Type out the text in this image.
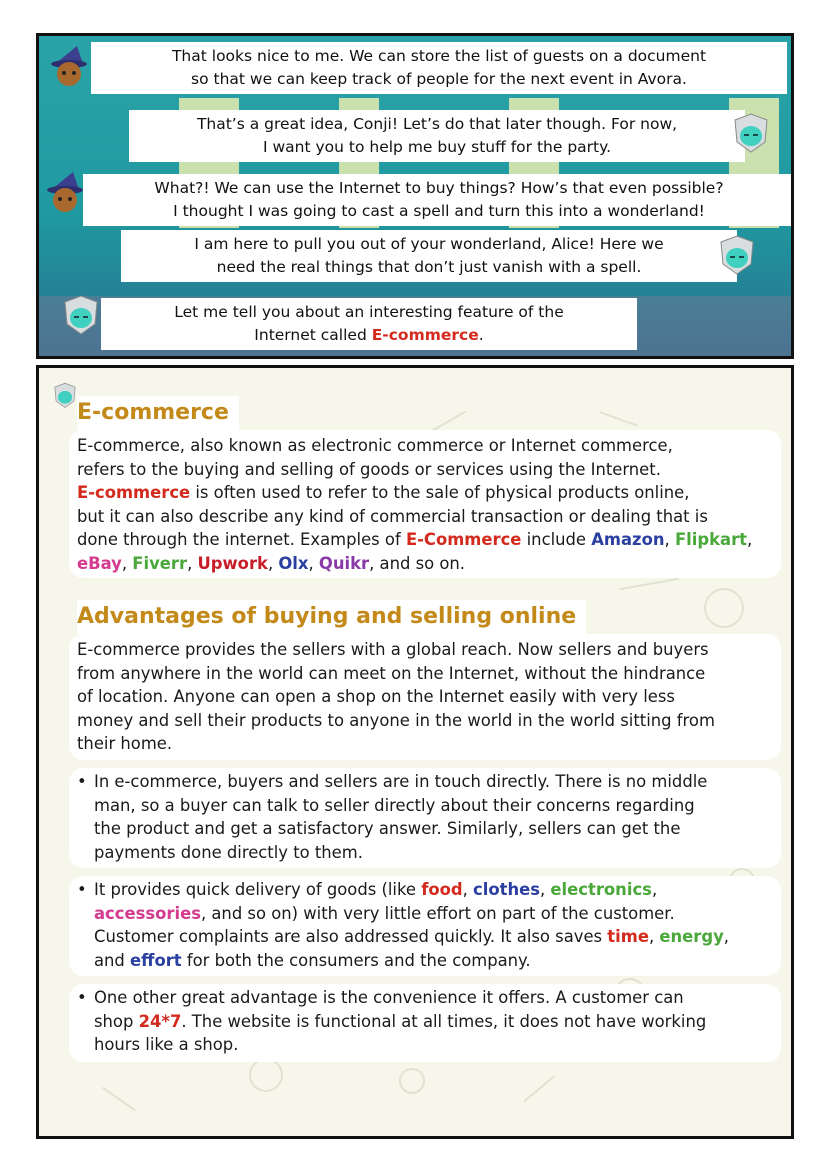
That looks nice to me. We can store the list of guests on a document
so that we can keep track of people for the next event in Avora.
That’s a great idea, Conji! Let’s do that later though. For now,
I want you to help me buy stuff for the party.
What?! We can use the Internet to buy things? How’s that even possible?
I thought I was going to cast a spell and turn this into a wonderland!
I am here to pull you out of your wonderland, Alice! Here we
need the real things that don’t just vanish with a spell.
Let me tell you about an interesting feature of the
Internet called E-commerce.
E-commerce
E-commerce, also known as electronic commerce or Internet commerce,
refers to the buying and selling of goods or services using the Internet.
E-commerce is often used to refer to the sale of physical products online,
but it can also describe any kind of commercial transaction or dealing that is
done through the internet. Examples of E-Commerce include Amazon, Flipkart,
eBay, Fiverr, Upwork, Olx, Quikr, and so on.
Advantages of buying and selling online
E-commerce provides the sellers with a global reach. Now sellers and buyers
from anywhere in the world can meet on the Internet, without the hindrance
of location. Anyone can open a shop on the Internet easily with very less
money and sell their products to anyone in the world in the world sitting from
their home.
• In e-commerce, buyers and sellers are in touch directly. There is no middle
man, so a buyer can talk to seller directly about their concerns regarding
the product and get a satisfactory answer. Similarly, sellers can get the
payments done directly to them.
• It provides quick delivery of goods (like food, clothes, electronics,
accessories, and so on) with very little effort on part of the customer.
Customer complaints are also addressed quickly. It also saves time, energy,
and effort for both the consumers and the company.
• One other great advantage is the convenience it offers. A customer can
shop 24*7. The website is functional at all times, it does not have working
hours like a shop.
